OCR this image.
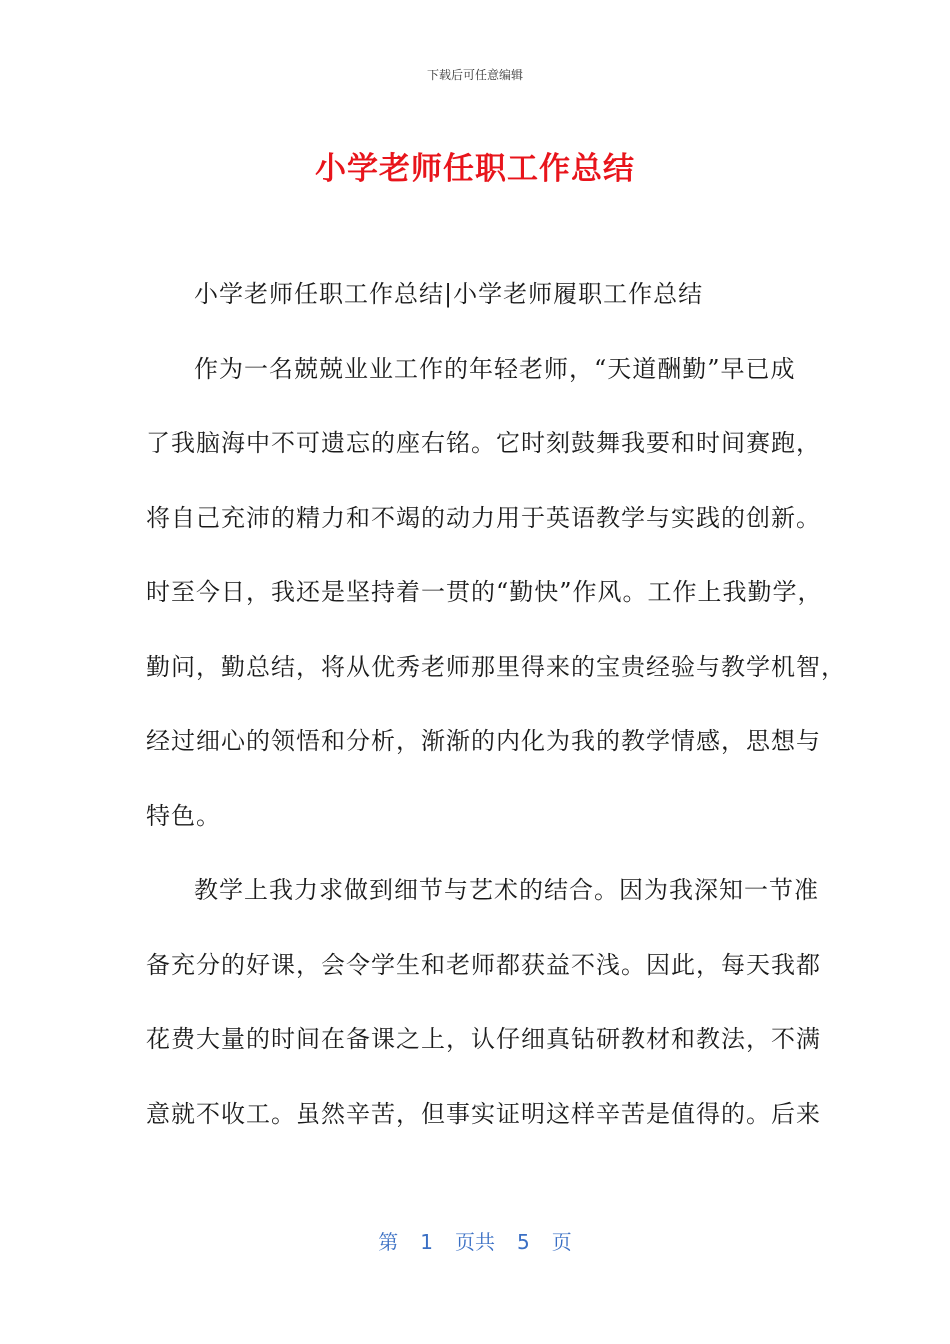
下载后可任意编辑
小学老师任职工作总结
小学老师任职工作总结|小学老师履职工作总结
作为一名兢兢业业工作的年轻老师，“天道酬勤”早已成
了我脑海中不可遗忘的座右铭。它时刻鼓舞我要和时间赛跑，
将自己充沛的精力和不竭的动力用于英语教学与实践的创新。
时至今日，我还是坚持着一贯的“勤快”作风。工作上我勤学，
勤问，勤总结，将从优秀老师那里得来的宝贵经验与教学机智，
经过细心的领悟和分析，渐渐的内化为我的教学情感，思想与
特色。
教学上我力求做到细节与艺术的结合。因为我深知一节准
备充分的好课，会令学生和老师都获益不浅。因此，每天我都
花费大量的时间在备课之上，认仔细真钻研教材和教法，不满
意就不收工。虽然辛苦，但事实证明这样辛苦是值得的。后来
第 1 页共 5 页
